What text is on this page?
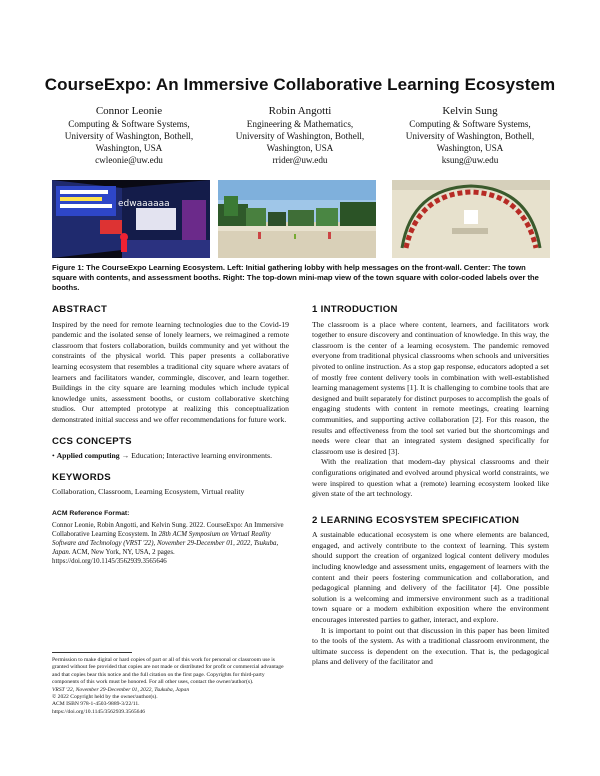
CourseExpo: An Immersive Collaborative Learning Ecosystem
Connor Leonie
Computing & Software Systems,
University of Washington, Bothell,
Washington, USA
cwleonie@uw.edu
Robin Angotti
Engineering & Mathematics,
University of Washington, Bothell,
Washington, USA
rrider@uw.edu
Kelvin Sung
Computing & Software Systems,
University of Washington, Bothell,
Washington, USA
ksung@uw.edu
edwaaaaaa
Figure 1: The CourseExpo Learning Ecosystem. Left: Initial gathering lobby with help messages on the front-wall. Center: The town square with contents, and assessment booths. Right: The top-down mini-map view of the town square with color-coded labels over the booths.
ABSTRACT

Inspired by the need for remote learning technologies due to the Covid-19 pandemic and the isolated sense of lonely learners, we reimagined a remote classroom that fosters collaboration, builds community and yet without the constraints of the physical world. This paper presents a collaborative learning ecosystem that resembles a traditional city square where avatars of learners and facilitators wander, commingle, discover, and learn together. Buildings in the city square are learning modules which include typical knowledge units, assessment booths, or custom collaborative sketching studios. Our attempted prototype at realizing this conceptualization demonstrated initial success and we offer recommendations for future work.

CCS CONCEPTS

• Applied computing → Education; Interactive learning environments.

KEYWORDS

Collaboration, Classroom, Learning Ecosystem, Virtual reality

ACM Reference Format:

Connor Leonie, Robin Angotti, and Kelvin Sung. 2022. CourseExpo: An Immersive Collaborative Learning Ecosystem. In 28th ACM Symposium on Virtual Reality Software and Technology (VRST '22), November 29-December 01, 2022, Tsukuba, Japan. ACM, New York, NY, USA, 2 pages. https://doi.org/10.1145/3562939.3565646

Permission to make digital or hard copies of part or all of this work for personal or classroom use is granted without fee provided that copies are not made or distributed for profit or commercial advantage and that copies bear this notice and the full citation on the first page. Copyrights for third-party components of this work must be honored. For all other uses, contact the owner/author(s).

VRST '22, November 29-December 01, 2022, Tsukuba, Japan

© 2022 Copyright held by the owner/author(s).

ACM ISBN 978-1-4503-9889-3/22/11.

https://doi.org/10.1145/3562939.3565646

1 INTRODUCTION

The classroom is a place where content, learners, and facilitators work together to ensure discovery and continuation of knowledge. In this way, the classroom is the center of a learning ecosystem. The pandemic removed everyone from traditional physical classrooms when schools and universities pivoted to online instruction. As a stop gap response, educators adopted a set of mostly free content delivery tools in combination with well-established learning management systems [1]. It is challenging to combine tools that are designed and built separately for distinct purposes to accomplish the goals of engaging students with content in remote meetings, creating learning communities, and supporting active collaboration [2]. For this reason, the results and effectiveness from the tool set varied but the shortcomings and needs were clear that an integrated system designed specifically for classroom use is desired [3].

With the realization that modern-day physical classrooms and their configurations originated and evolved around physical world constraints, we were inspired to question what a (remote) learning ecosystem looked like given state of the art technology.

2 LEARNING ECOSYSTEM SPECIFICATION

A sustainable educational ecosystem is one where elements are balanced, engaged, and actively contribute to the context of learning. This system should support the creation of organized logical content delivery modules including knowledge and assessment units, engagement of learners with the content and their peers fostering communication and collaboration, and pedagogical planning and delivery of the facilitator [4]. One possible solution is a welcoming and immersive environment such as a traditional town square or a modern exhibition exposition where the environment encourages interested parties to gather, interact, and explore.

It is important to point out that discussion in this paper has been limited to the tools of the system. As with a traditional classroom environment, the ultimate success is dependent on the execution. That is, the pedagogical plans and delivery of the facilitator and
